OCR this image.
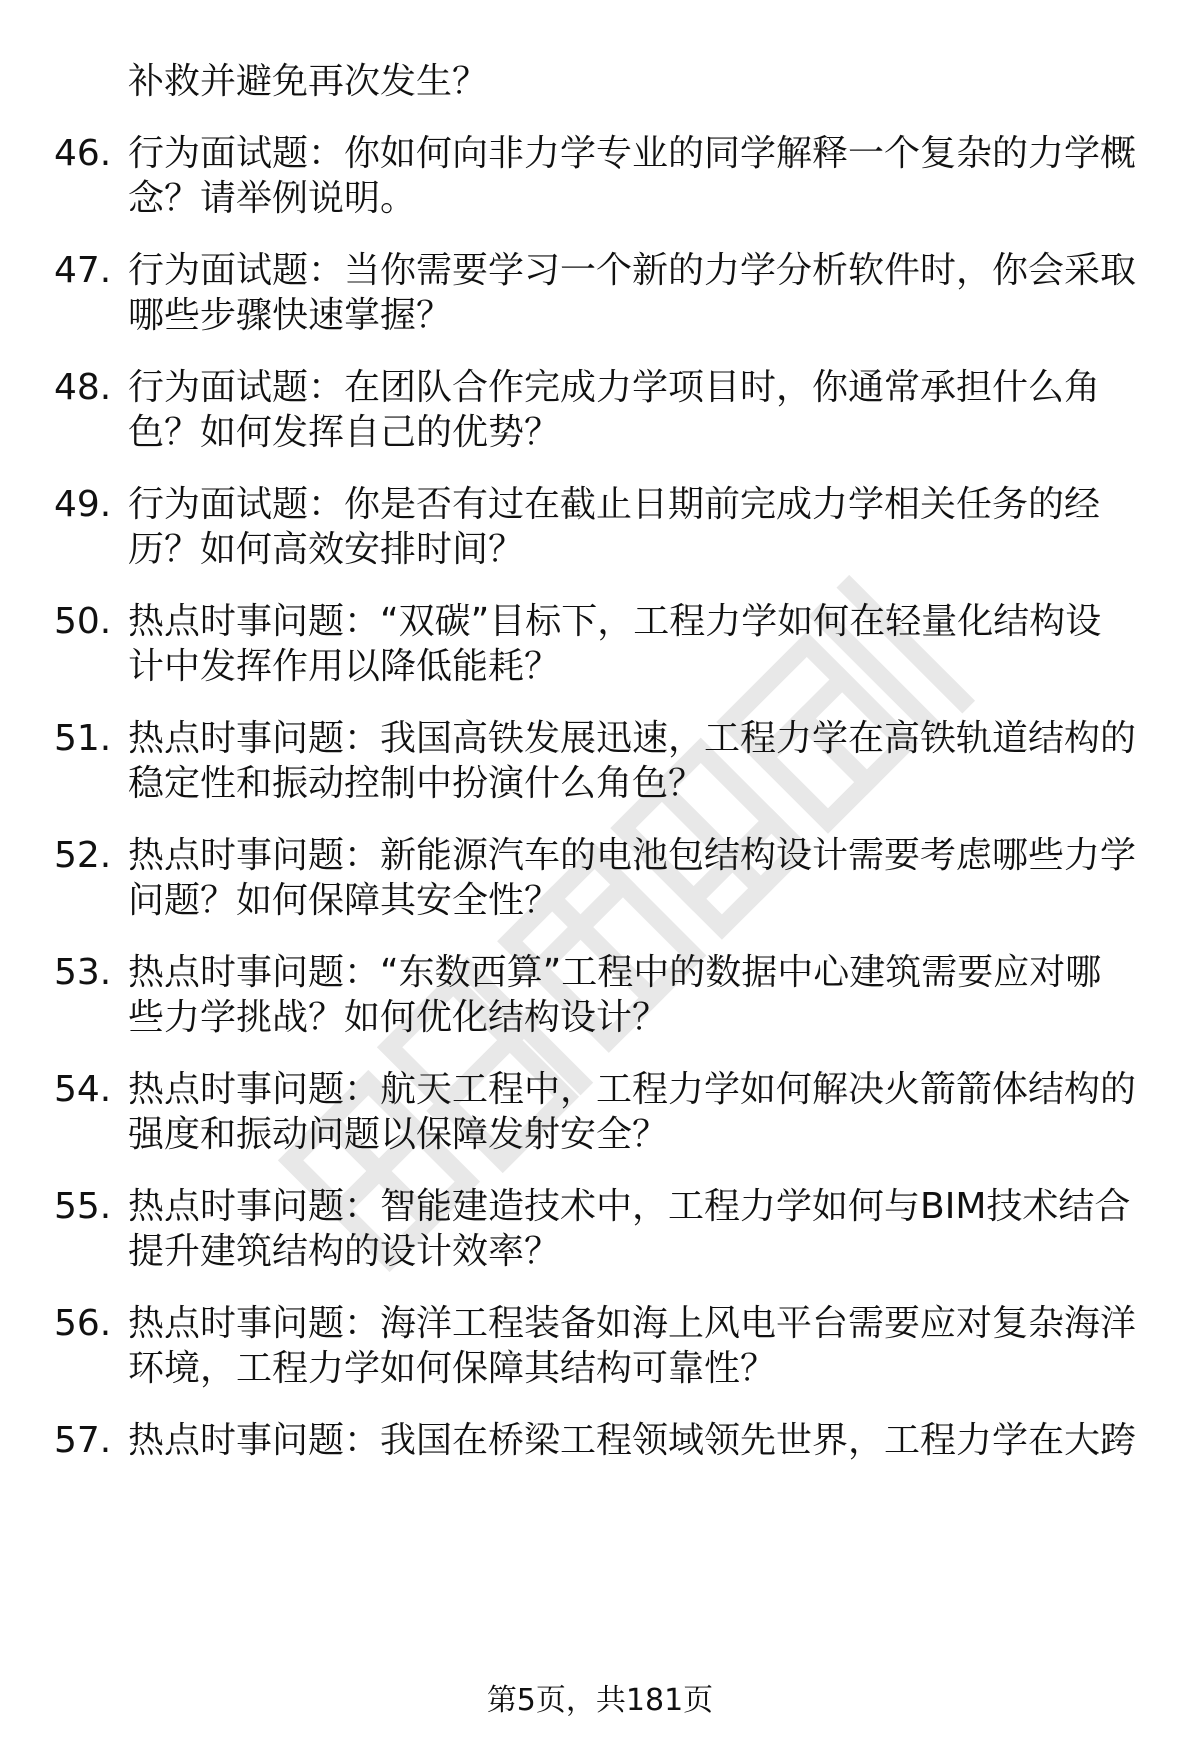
补救并避免再次发生？
46. 行为面试题：你如何向非力学专业的同学解释一个复杂的力学概
念？请举例说明。
47. 行为面试题：当你需要学习一个新的力学分析软件时，你会采取
哪些步骤快速掌握？
48. 行为面试题：在团队合作完成力学项目时，你通常承担什么角
色？如何发挥自己的优势？
49. 行为面试题：你是否有过在截止日期前完成力学相关任务的经
历？如何高效安排时间？
50. 热点时事问题：“双碳”目标下，工程力学如何在轻量化结构设
计中发挥作用以降低能耗？
51. 热点时事问题：我国高铁发展迅速，工程力学在高铁轨道结构的
稳定性和振动控制中扮演什么角色？
52. 热点时事问题：新能源汽车的电池包结构设计需要考虑哪些力学
问题？如何保障其安全性？
53. 热点时事问题：“东数西算”工程中的数据中心建筑需要应对哪
些力学挑战？如何优化结构设计？
54. 热点时事问题：航天工程中，工程力学如何解决火箭箭体结构的
强度和振动问题以保障发射安全？
55. 热点时事问题：智能建造技术中，工程力学如何与BIM技术结合
提升建筑结构的设计效率？
56. 热点时事问题：海洋工程装备如海上风电平台需要应对复杂海洋
环境，工程力学如何保障其结构可靠性？
57. 热点时事问题：我国在桥梁工程领域领先世界，工程力学在大跨
第5页，共181页
